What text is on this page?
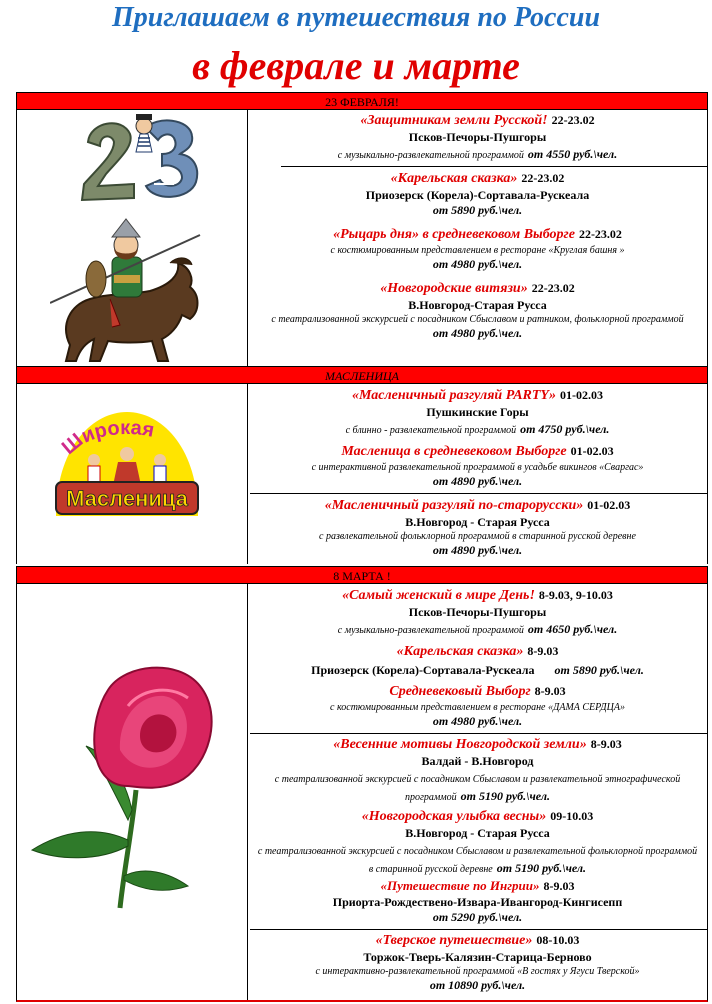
Приглашаем в путешествия по России
в феврале и марте
23 ФЕВРАЛЯ!
«Защитникам земли Русской! 22-23.02
Псков-Печоры-Пушгоры
с музыкально-развлекательной программой от 4550 руб.\чел.
«Карельская сказка» 22-23.02
Приозерск (Корела)-Сортавала-Рускеала
от 5890 руб.\чел.
«Рыцарь дня» в средневековом Выборге 22-23.02
с костюмированным представлением в ресторане «Круглая башня »
от 4980 руб.\чел.
«Новгородские витязи» 22-23.02
В.Новгород-Старая Русса
с театрализованной экскурсией с посадником Сбыславом и ратником, фольклорной программой
от 4980 руб.\чел.
МАСЛЕНИЦА
Широкая
Масленица
«Масленичный разгуляй PARTY» 01-02.03
Пушкинские Горы
с блинно - развлекательной программой от 4750 руб.\чел.
Масленица в средневековом Выборге 01-02.03
с интерактивной развлекательной программой в усадьбе викингов «Сваргас»
от 4890 руб.\чел.
«Масленичный разгуляй по-старорусски» 01-02.03
В.Новгород - Старая Русса
с развлекательной фольклорной программой в старинной русской деревне
от 4890 руб.\чел.
8 МАРТА !
«Самый женский в мире День! 8-9.03, 9-10.03
Псков-Печоры-Пушгоры
с музыкально-развлекательной программой от 4650 руб.\чел.
«Карельская сказка» 8-9.03
Приозерск (Корела)-Сортавала-Рускеала от 5890 руб.\чел.
Средневековый Выборг 8-9.03
с костюмированным представлением в ресторане «ДАМА СЕРДЦА»
от 4980 руб.\чел.
«Весенние мотивы Новгородской земли» 8-9.03
Валдай - В.Новгород
с театрализованной экскурсией с посадником Сбыславом и развлекательной этнографической программой от 5190 руб.\чел.
«Новгородская улыбка весны» 09-10.03
В.Новгород - Старая Русса
с театрализованной экскурсией с посадником Сбыславом и развлекательной фольклорной программой в старинной русской деревне от 5190 руб.\чел.
«Путешествие по Ингрии» 8-9.03
Приорта-Рождествено-Извара-Ивангород-Кингисепп
от 5290 руб.\чел.
«Тверское путешествие» 08-10.03
Торжок-Тверь-Калязин-Старица-Берново
с интерактивно-развлекательной программой «В гостях у Ягуси Тверской»
от 10890 руб.\чел.
